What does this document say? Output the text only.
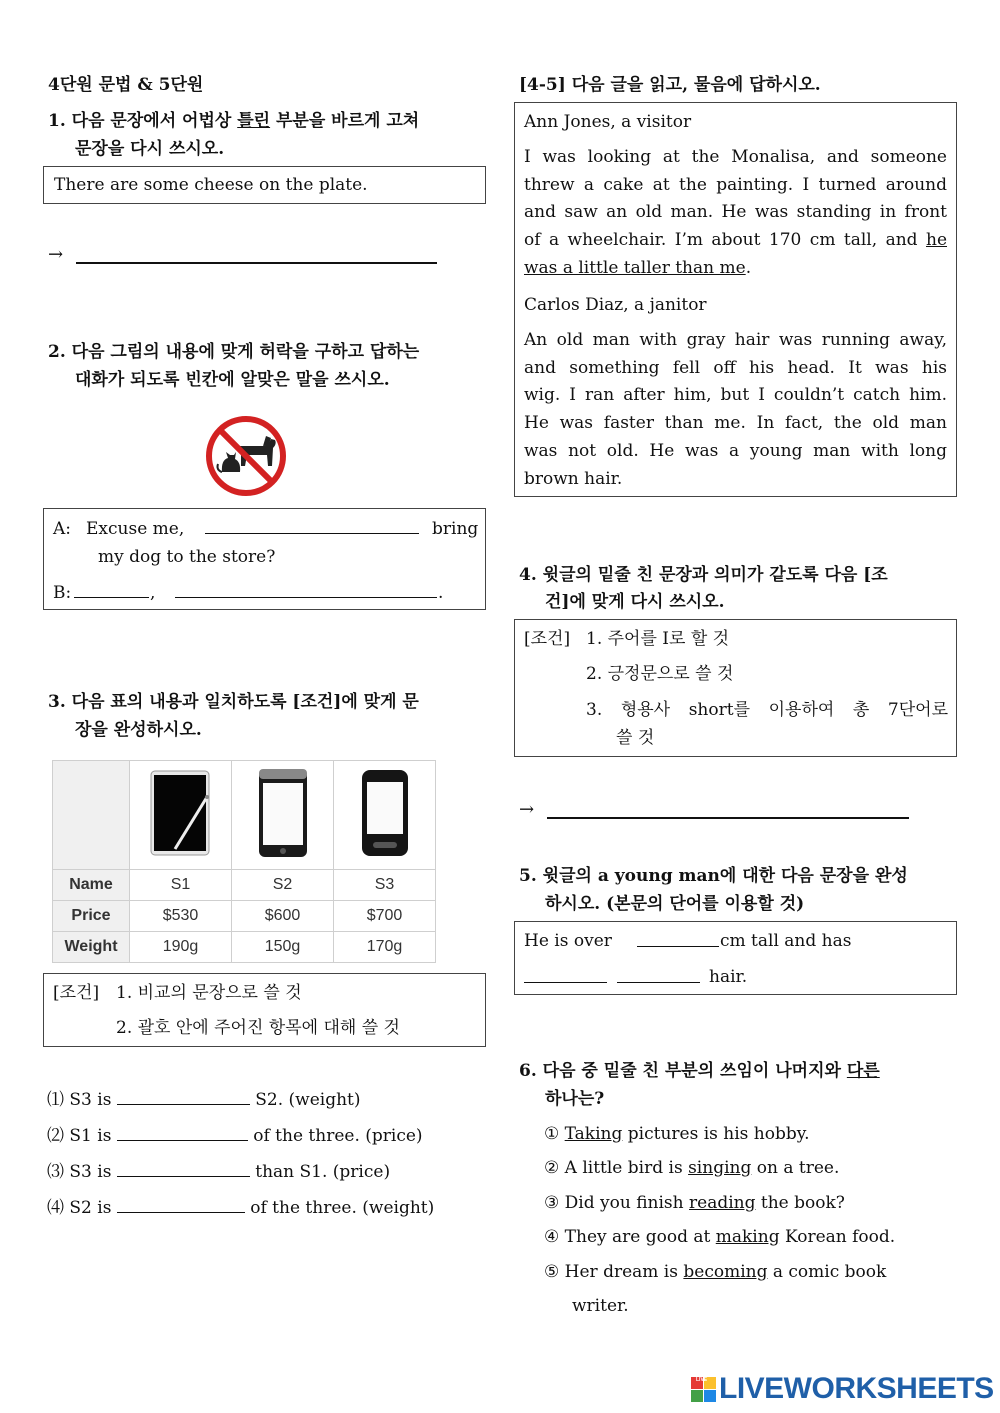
4단원 문법 & 5단원
1. 다음 문장에서 어법상 틀린 부분을 바르게 고쳐
문장을 다시 쓰시오.
There are some cheese on the plate.
→
2. 다음 그림의 내용에 맞게 허락을 구하고 답하는
대화가 되도록 빈칸에 알맞은 말을 쓰시오.
A: Excuse me,	bring
my dog to the store?
B:	,	.
3. 다음 표의 내용과 일치하도록 [조건]에 맞게 문
장을 완성하시오.

Name	S1	S2	S3
Price	$530	$600	$700
Weight	190g	150g	170g
[조건] 1. 비교의 문장으로 쓸 것
2. 괄호 안에 주어진 항목에 대해 쓸 것
⑴ S3 is	S2. (weight)
⑵ S1 is	of the three. (price)
⑶ S3 is	than S1. (price)
⑷ S2 is	of the three. (weight)
[4-5] 다음 글을 읽고, 물음에 답하시오.
Ann Jones, a visitor
I was looking at the Monalisa, and someone
threw a cake at the painting. I turned around
and saw an old man. He was standing in front
of a wheelchair. I’m about 170 cm tall, and he
was a little taller than me.
Carlos Diaz, a janitor
An old man with gray hair was running away,
and something fell off his head. It was his
wig. I ran after him, but I couldn’t catch him.
He was faster than me. In fact, the old man
was not old. He was a young man with long
brown hair.
4. 윗글의 밑줄 친 문장과 의미가 같도록 다음 [조
건]에 맞게 다시 쓰시오.
[조건] 1. 주어를 I로 할 것
2. 긍정문으로 쓸 것
3. 형용사 short를 이용하여 총 7단어로
쓸 것
→
5. 윗글의 a young man에 대한 다음 문장을 완성
하시오. (본문의 단어를 이용할 것)
He is over	cm tall and has
hair.
6. 다음 중 밑줄 친 부분의 쓰임이 나머지와 다른
하나는?
① Taking pictures is his hobby.
② A little bird is singing on a tree.
③ Did you finish reading the book?
④ They are good at making Korean food.
⑤ Her dream is becoming a comic book
writer.
LIVE LIVEWORKSHEETS
